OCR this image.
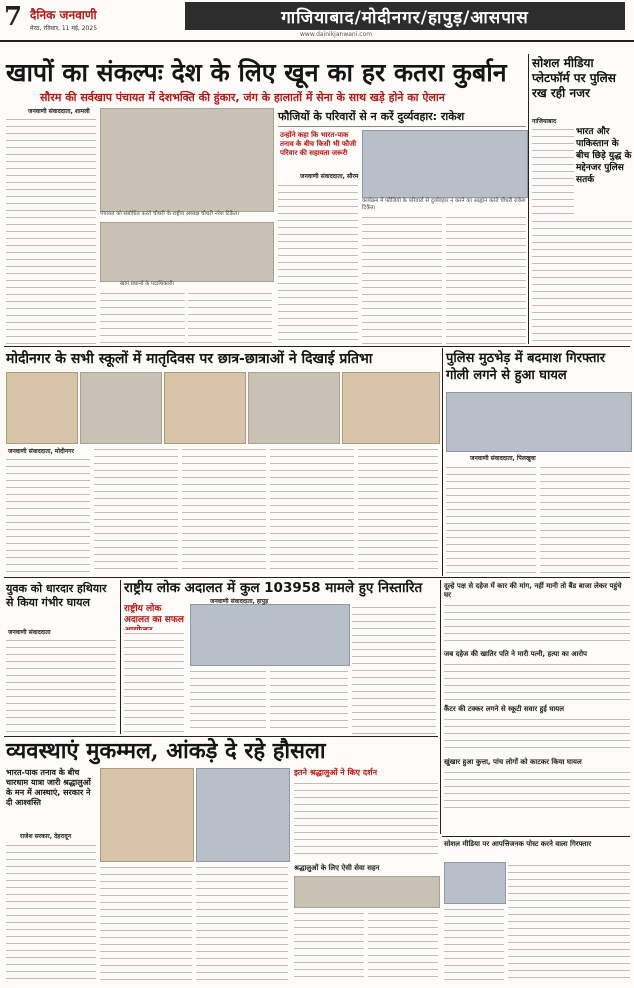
7 दैनिक जनवाणी
मेरठ, रविवार, 11 मई, 2025
गाजियाबाद/मोदीनगर/हापुड़/आसपास
www.dainikjanwani.com
खापों का संकल्पः देश के लिए खून का हर कतरा कुर्बान
सौरम की सर्वखाप पंचायत में देशभक्ति की हुंकार, जंग के हालातों में सेना के साथ खड़े होने का ऐलान
जनवाणी संवाददाता, शामली
पंचायत को संबोधित करते चौधरी के राष्ट्रीय अध्यक्ष चौधरी नरेश टिकैत।
खाप प्रधानों के पदाधिकारी।
फौजियों के परिवारों से न करें दुर्व्यवहार: राकेश
उन्होंने कहा कि भारत-पाक तनाव के बीच किसी भी फौजी परिवार की सहायता जरूरी
कार्यक्रम में फौजियों के परिवारों से दुर्व्यवहार न करने का आह्वान करते चौधरी राकेश टिकैत।
जनवाणी संवाददाता, सौरम
सोशल मीडिया प्लेटफॉर्म पर पुलिस रख रही नजर
गाजियाबाद
भारत और पाकिस्तान के बीच छिड़े युद्ध के मद्देनजर पुलिस सतर्क
मोदीनगर के सभी स्कूलों में मातृदिवस पर छात्र-छात्राओं ने दिखाई प्रतिभा
जनवाणी संवाददाता, मोदीनगर
पुलिस मुठभेड़ में बदमाश गिरफ्तार गोली लगने से हुआ घायल
जनवाणी संवाददाता, पिलखुवा
युवक को धारदार हथियार से किया गंभीर घायल
जनवाणी संवाददाता
राष्ट्रीय लोक अदालत में कुल 103958 मामले हुए निस्तारित
राष्ट्रीय लोक अदालत का सफल
जनवाणी संवाददाता, हापुड़
दूल्हे पक्ष से दहेज में कार की मांग, नहीं मानी तो बैंड बाजा लेकर पहुंचे घर
जब दहेज की खातिर पति ने मारी पत्नी, हत्या का आरोप
कैंटर की टक्कर लगने से स्कूटी सवार हुई घायल
खुंखार हुआ कुत्ता, पांच लोगों को काटकर किया घायल
व्यवस्थाएं मुकम्मल, आंकड़े दे रहे हौसला
भारत-पाक तनाव के बीच चारधाम यात्रा जारी श्रद्धालुओं के मन में आस्थाएं, सरकार ने दी आश्वस्ति
राजेश सरकार, देहरादून
इतने श्रद्धालुओं ने किए दर्शन
श्रद्धालुओं के लिए ऐसी सेवा सहन
सोशल मीडिया पर आपत्तिजनक पोस्ट करने वाला गिरफ्तार
